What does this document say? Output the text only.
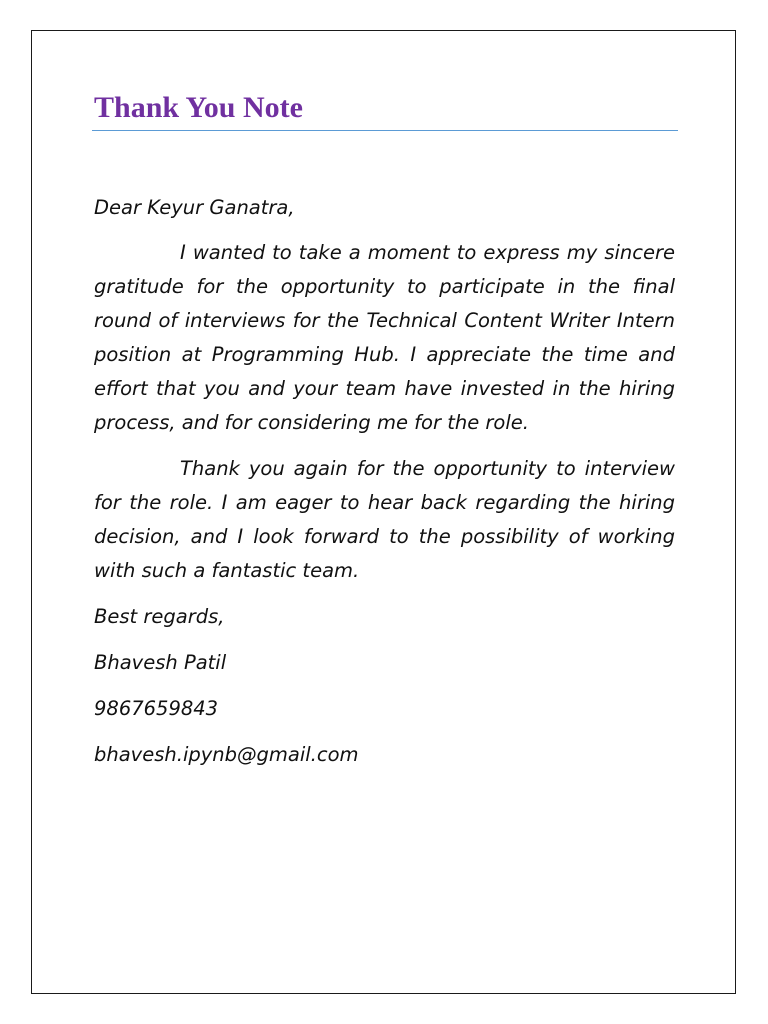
Thank You Note

Dear Keyur Ganatra,

I wanted to take a moment to express my sincere gratitude for the opportunity to participate in the final round of interviews for the Technical Content Writer Intern position at Programming Hub. I appreciate the time and effort that you and your team have invested in the hiring process, and for considering me for the role.

Thank you again for the opportunity to interview for the role. I am eager to hear back regarding the hiring decision, and I look forward to the possibility of working with such a fantastic team.

Best regards,

Bhavesh Patil

9867659843

bhavesh.ipynb@gmail.com
